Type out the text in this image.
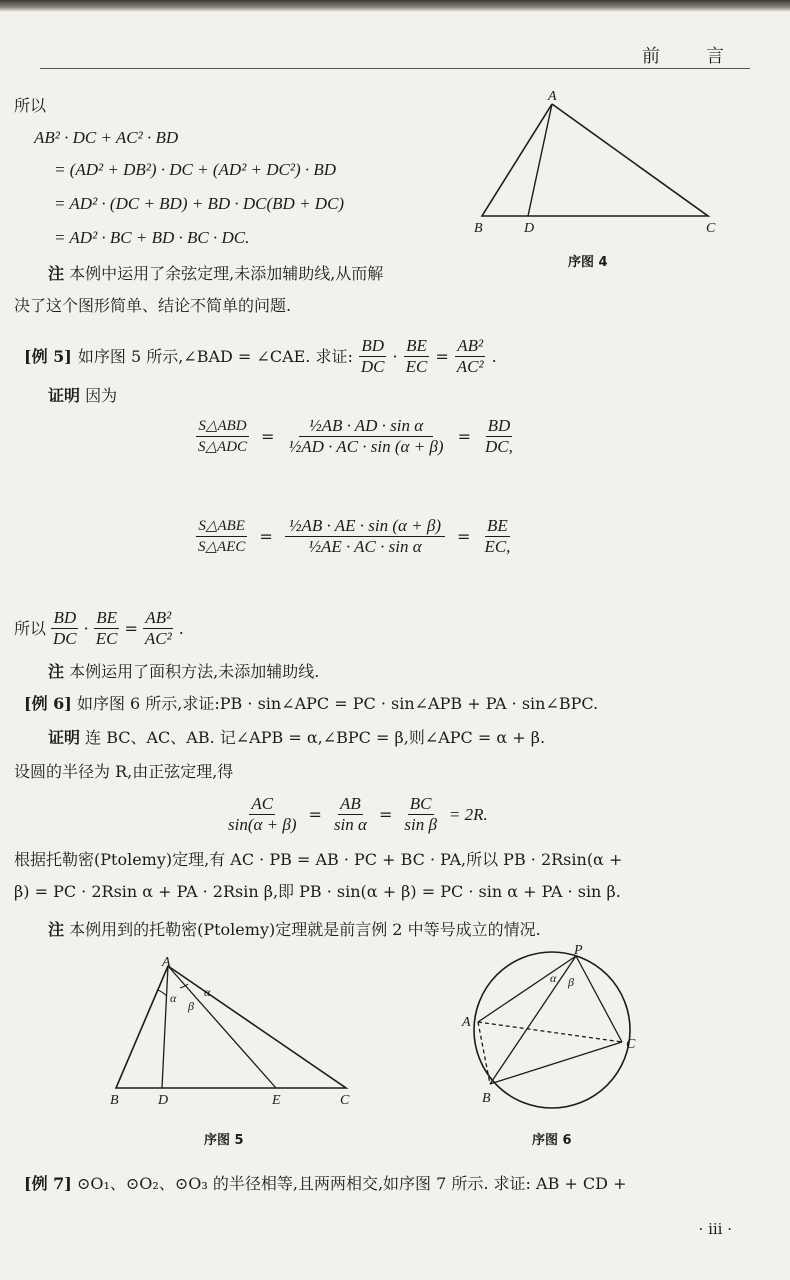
前　言
所以
AB² · DC + AC² · BD
= (AD² + DB²) · DC + (AD² + DC²) · BD
= AD² · (DC + BD) + BD · DC(BD + DC)
= AD² · BC + BD · BC · DC.
注 本例中运用了余弦定理,未添加辅助线,从而解
决了这个图形简单、结论不简单的问题.
A
B	D	C
序图 4
[例 5] 如序图 5 所示,∠BAD = ∠CAE. 求证: $\frac{BD}{DC} \cdot \frac{BE}{EC} = \frac{\text{AB²}}{\text{AC²}}$ .
证明 因为
$\frac{\text{S△ABD}}{\text{S△ADC}} = \frac{\text{½AB · AD · sin α}}{\text{½AD · AC · sin (α + β)}} = \frac{BD}{DC,}$
$\frac{\text{S△ABE}}{\text{S△AEC}} = \frac{\text{½AB · AE · sin (α + β)}}{\text{½AE · AC · sin α}} = \frac{BE}{EC,}$
所以 $\frac{BD}{DC} \cdot \frac{BE}{EC} = \frac{\text{AB²}}{\text{AC²}}$ .
注 本例运用了面积方法,未添加辅助线.
[例 6] 如序图 6 所示,求证:PB · sin∠APC = PC · sin∠APB + PA · sin∠BPC.
证明 连 BC、AC、AB. 记∠APB = α,∠BPC = β,则∠APC = α + β.
设圆的半径为 R,由正弦定理,得
$\frac{AC}{\sin(\alpha + \beta)} = \frac{AB}{\text{sin α}} = \frac{BC}{\text{sin β}} = 2R$.
根据托勒密(Ptolemy)定理,有 AC · PB = AB · PC + BC · PA,所以 PB · 2Rsin(α +
β) = PC · 2Rsin α + PA · 2Rsin β,即 PB · sin(α + β) = PC · sin α + PA · sin β.
注 本例用到的托勒密(Ptolemy)定理就是前言例 2 中等号成立的情况.
A
B	D	E	C
α α
β
序图 5
P
A
B
C
α β
序图 6
[例 7] ⊙O₁、⊙O₂、⊙O₃ 的半径相等,且两两相交,如序图 7 所示. 求证: AB + CD +
· iii ·
